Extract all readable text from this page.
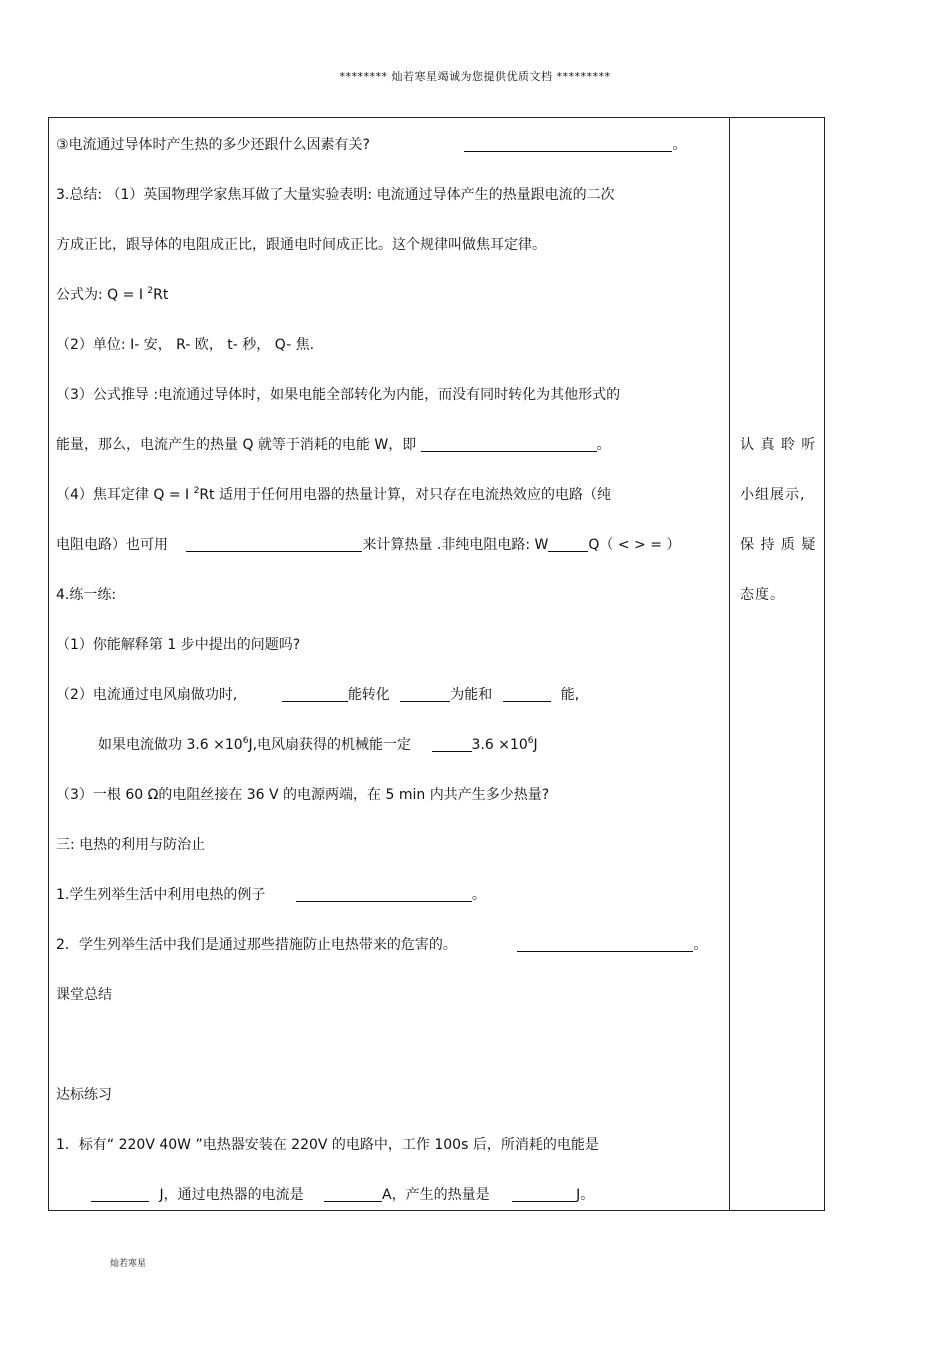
******** 灿若寒星竭诚为您提供优质文档 *********
③电流通过导体时产生热的多少还跟什么因素有关?	。
3.总结: （1）英国物理学家焦耳做了大量实验表明: 电流通过导体产生的热量跟电流的二次
方成正比，跟导体的电阻成正比，跟通电时间成正比。这个规律叫做焦耳定律。
公式为: Q = I $^2$Rt
（2）单位: I- 安， R- 欧， t- 秒， Q- 焦.
（3）公式推导 :电流通过导体时，如果电能全部转化为内能，而没有同时转化为其他形式的
能量，那么，电流产生的热量 Q 就等于消耗的电能 W，即	。
（4）焦耳定律 Q = I $^2$Rt 适用于任何用电器的热量计算，对只存在电流热效应的电路（纯
电阻电路）也可用	来计算热量 .非纯电阻电路: W	Q（ < > = ）
4.练一练:
（1）你能解释第 1 步中提出的问题吗?
（2）电流通过电风扇做功时,	能转化	为能和	能,
如果电流做功 $3.6 \times 10^6J$,电风扇获得的机械能一定	$3.6 \times 10^6J$
（3）一根 60 Ω的电阻丝接在 36 V 的电源两端，在 5 min 内共产生多少热量?
三: 电热的利用与防治止
1.学生列举生活中利用电热的例子	。
2．学生列举生活中我们是通过那些措施防止电热带来的危害的。	。
课堂总结
达标练习
1．标有“ 220V 40W ”电热器安装在 220V 的电路中，工作 100s 后，所消耗的电能是
J，通过电热器的电流是	A，产生的热量是	J。
认 真 聆 听
小组展示,
保 持 质 疑
态度。
灿若寒星
